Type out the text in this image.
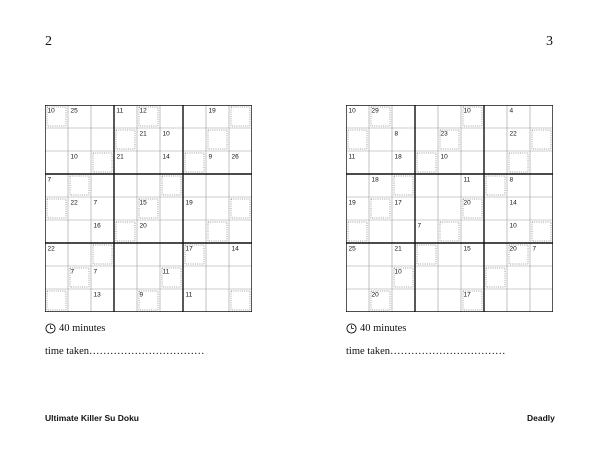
2
10 25	11	12	19
21 10
10	21	14	9	26
7
22 7	15	19
16	20
22	17	14
7	7	11
13	9	11
40 minutes
time taken……………………………
Ultimate Killer Su Doku
3
10 29	10	4
8	23	22
11	18	10
18	11	8
19	17	20	14
7	10
25	21	15	20 7
10
20	17
40 minutes
time taken……………………………
Deadly
